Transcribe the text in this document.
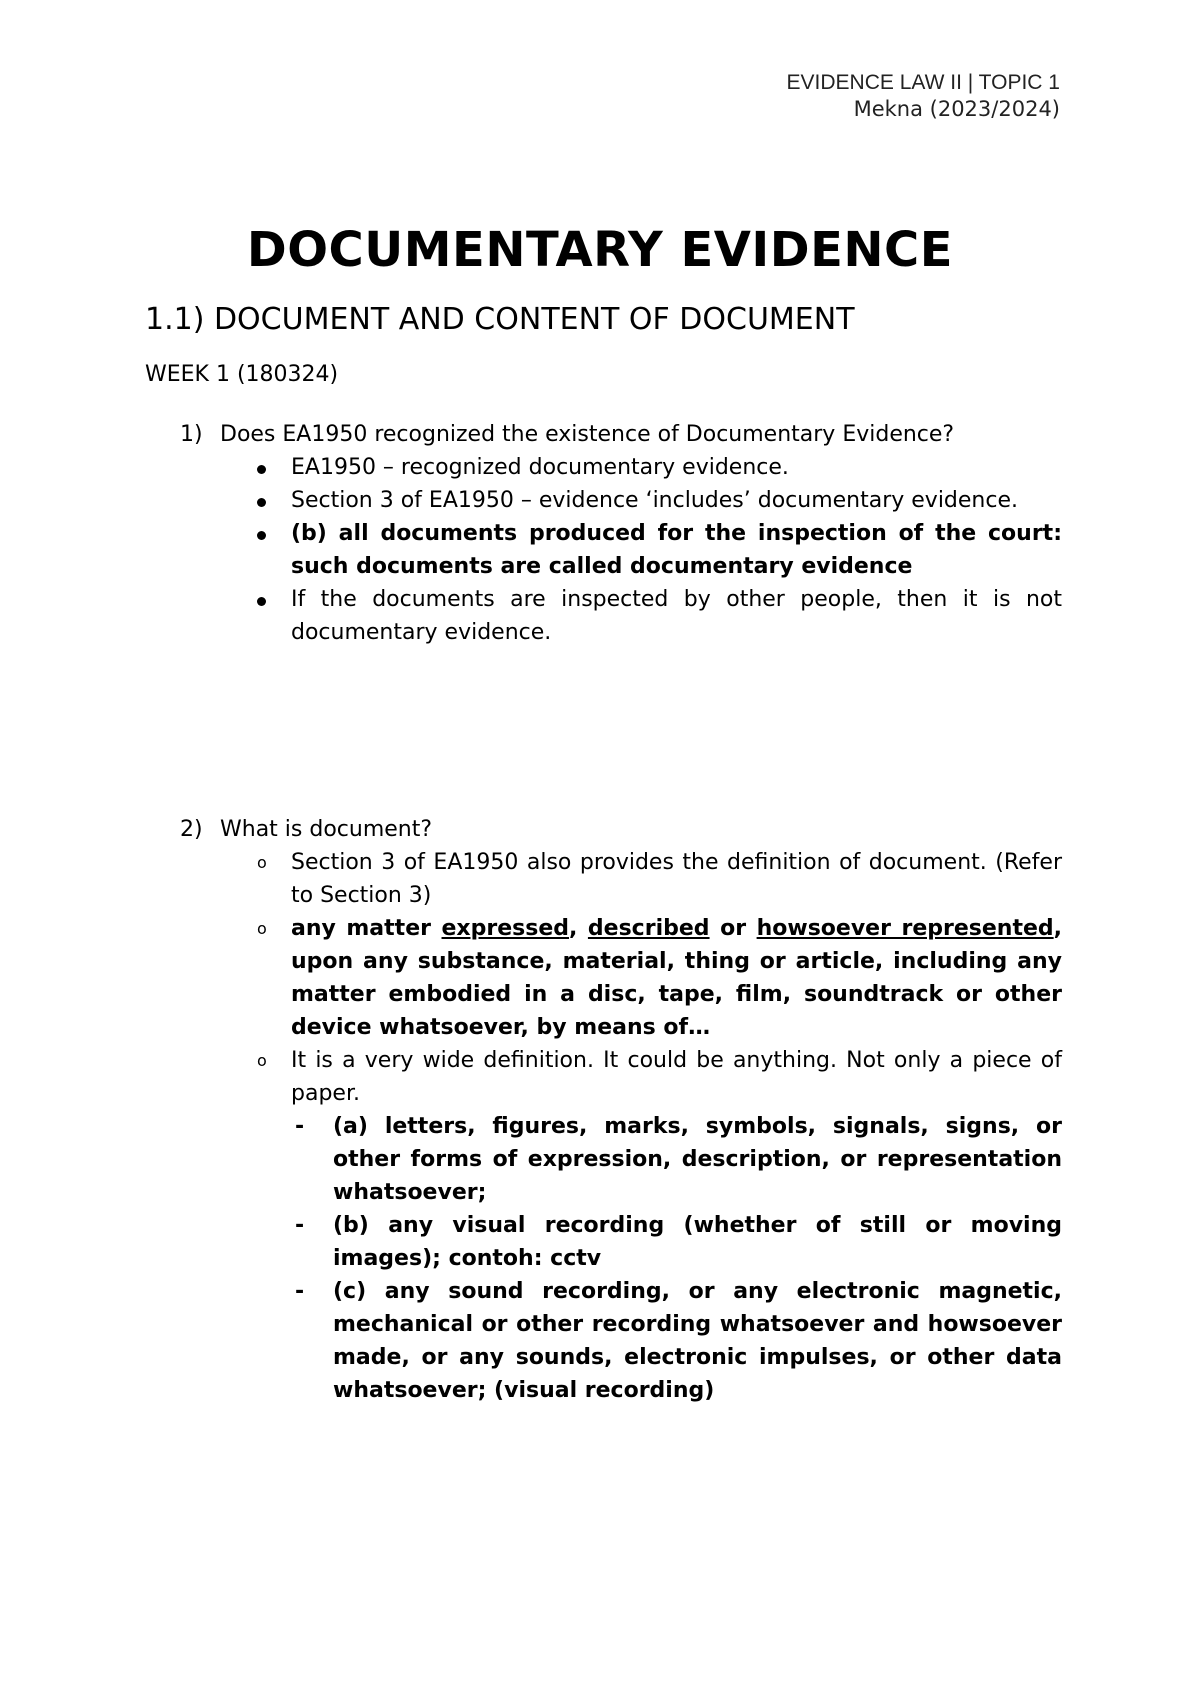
EVIDENCE LAW II | TOPIC 1
Mekna (2023/2024)
DOCUMENTARY EVIDENCE
1.1) DOCUMENT AND CONTENT OF DOCUMENT
WEEK 1 (180324)
1) Does EA1950 recognized the existence of Documentary Evidence?
EA1950 – recognized documentary evidence.
Section 3 of EA1950 – evidence ‘includes’ documentary evidence.
(b) all documents produced for the inspection of the court: such documents are called documentary evidence
If the documents are inspected by other people, then it is not documentary evidence.
2) What is document?
o	Section 3 of EA1950 also provides the definition of document. (Refer to Section 3)
o	any matter expressed, described or howsoever represented, upon any substance, material, thing or article, including any matter embodied in a disc, tape, film, soundtrack or other device whatsoever, by means of…
o	It is a very wide definition. It could be anything. Not only a piece of paper.
- (a) letters, figures, marks, symbols, signals, signs, or other forms of expression, description, or representation whatsoever;
- (b) any visual recording (whether of still or moving images); contoh: cctv
- (c) any sound recording, or any electronic magnetic, mechanical or other recording whatsoever and howsoever made, or any sounds, electronic impulses, or other data whatsoever; (visual recording)
